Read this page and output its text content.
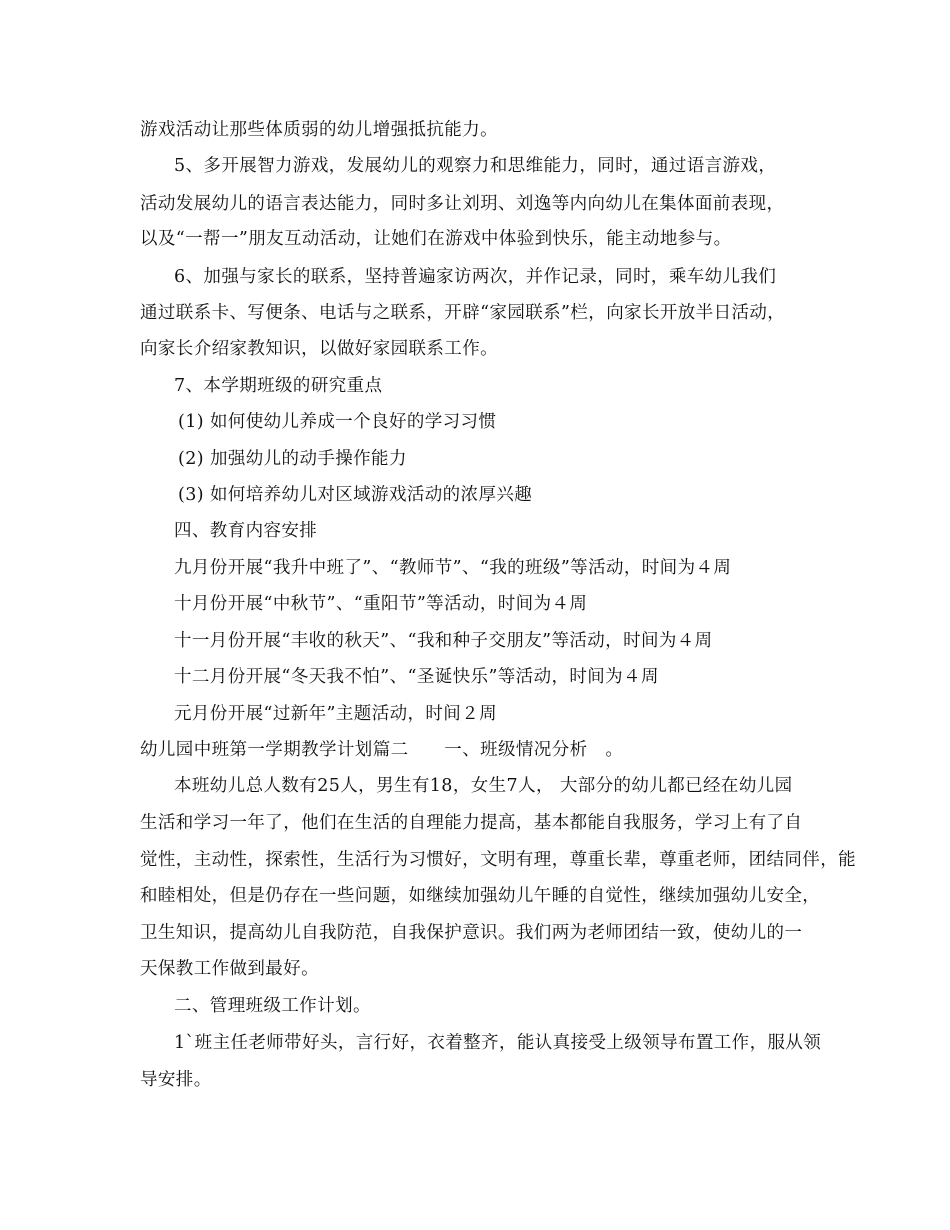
游戏活动让那些体质弱的幼儿增强抵抗能力。
5、多开展智力游戏，发展幼儿的观察力和思维能力，同时，通过语言游戏，
活动发展幼儿的语言表达能力，同时多让刘玥、刘逸等内向幼儿在集体面前表现，
以及“一帮一”朋友互动活动，让她们在游戏中体验到快乐，能主动地参与。
6、加强与家长的联系，坚持普遍家访两次，并作记录，同时，乘车幼儿我们
通过联系卡、写便条、电话与之联系，开辟“家园联系”栏，向家长开放半日活动，
向家长介绍家教知识，以做好家园联系工作。
7、本学期班级的研究重点
(1) 如何使幼儿养成一个良好的学习习惯
(2) 加强幼儿的动手操作能力
(3) 如何培养幼儿对区域游戏活动的浓厚兴趣
四、教育内容安排
九月份开展“我升中班了”、“教师节”、“我的班级”等活动，时间为４周
十月份开展“中秋节”、“重阳节”等活动，时间为４周
十一月份开展“丰收的秋天”、“我和种子交朋友”等活动，时间为４周
十二月份开展“冬天我不怕”、“圣诞快乐”等活动，时间为４周
元月份开展“过新年”主题活动，时间２周
幼儿园中班第一学期教学计划篇二　　一、班级情况分析　。
本班幼儿总人数有25人，男生有18，女生7人， 大部分的幼儿都已经在幼儿园
生活和学习一年了，他们在生活的自理能力提高，基本都能自我服务，学习上有了自
觉性，主动性，探索性，生活行为习惯好，文明有理，尊重长辈，尊重老师，团结同伴，能
和睦相处，但是仍存在一些问题，如继续加强幼儿午睡的自觉性，继续加强幼儿安全，
卫生知识，提高幼儿自我防范，自我保护意识。我们两为老师团结一致，使幼儿的一
天保教工作做到最好。
二、管理班级工作计划。
1`班主任老师带好头，言行好，衣着整齐，能认真接受上级领导布置工作，服从领
导安排。
